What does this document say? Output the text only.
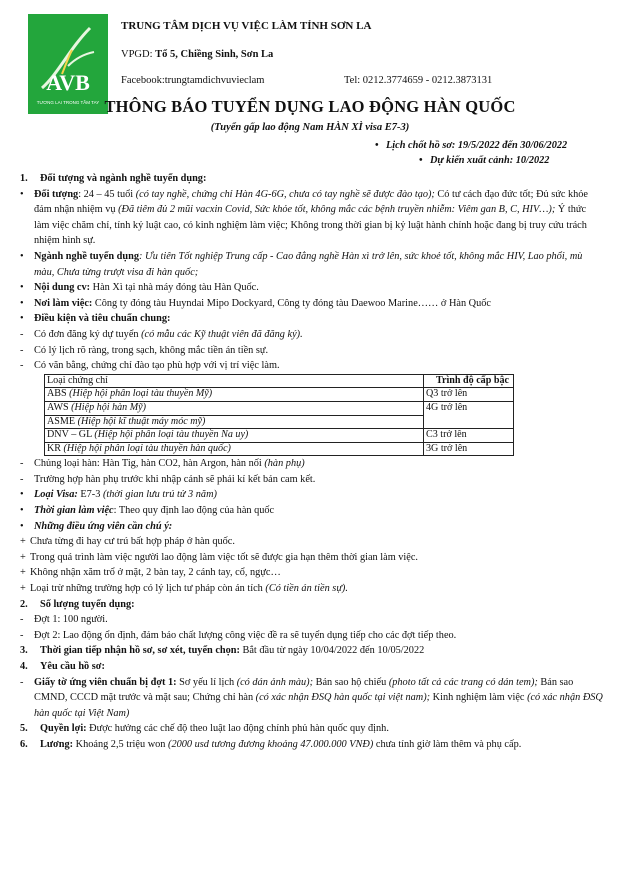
AVB
TƯƠNG LAI TRONG TẦM TAY
TRUNG TÂM DỊCH VỤ VIỆC LÀM TỈNH SƠN LA
VPGD: Tổ 5, Chiềng Sinh, Sơn La
Facebook:trungtamdichvuvieclam	Tel: 0212.3774659 - 0212.3873131
THÔNG BÁO TUYỂN DỤNG LAO ĐỘNG HÀN QUỐC
(Tuyển gấp lao động Nam HÀN XÌ visa E7-3)
• Lịch chốt hồ sơ: 19/5/2022 đến 30/06/2022
• Dự kiến xuất cảnh: 10/2022
1.	Đối tượng và ngành nghề tuyển dụng:
•	Đối tượng: 24 – 45 tuổi (có tay nghề, chứng chỉ Hàn 4G-6G, chưa có tay nghề sẽ được đào tạo); Có tư cách đạo đức tốt; Đủ sức khỏe đảm nhận nhiệm vụ (Đã tiêm đủ 2 mũi vacxin Covid, Sức khỏe tốt, không mắc các bệnh truyền nhiễm: Viêm gan B, C, HIV…); Ý thức làm việc chăm chỉ, tính kỷ luật cao, có kinh nghiệm làm việc; Không trong thời gian bị kỷ luật hành chính hoặc đang bị truy cứu trách nhiệm hình sự.
•	Ngành nghề tuyển dụng: Ưu tiên Tốt nghiệp Trung cấp - Cao đẳng nghề Hàn xì trở lên, sức khoẻ tốt, không mắc HIV, Lao phổi, mù màu, Chưa từng trượt visa đi hàn quốc;
•	Nội dung cv: Hàn Xì tại nhà máy đóng tàu Hàn Quốc.
•	Nơi làm việc: Công ty đóng tàu Huyndai Mipo Dockyard, Công ty đóng tàu Daewoo Marine…… ở Hàn Quốc
•	Điều kiện và tiêu chuẩn chung:
-	Có đơn đăng ký dự tuyển (có mẫu các Kỹ thuật viên đã đăng ký).
-	Có lý lịch rõ ràng, trong sạch, không mắc tiền án tiền sự.
-	Có văn bằng, chứng chỉ đào tạo phù hợp với vị trí việc làm.
Loại chứng chỉ	Trình độ cấp bậc
ABS (Hiệp hội phân loại tàu thuyền Mỹ)	Q3 trở lên
AWS (Hiệp hội hàn Mỹ)	4G trở lên
ASME (Hiệp hội kĩ thuật máy móc mỹ)	
DNV – GL (Hiệp hội phân loại tàu thuyền Na uy)	C3 trở lên
KR (Hiệp hội phân loại tàu thuyền hàn quốc)	3G trở lên
-	Chủng loại hàn: Hàn Tig, hàn CO2, hàn Argon, hàn nối (hàn phụ)
-	Trường hợp hàn phụ trước khi nhập cảnh sẽ phải kí kết bản cam kết.
•	Loại Visa: E7-3 (thời gian lưu trú tử 3 năm)
•	Thời gian làm việc: Theo quy định lao động của hàn quốc
•	Những điều ứng viên cần chú ý:
+ Chưa từng đi hay cư trú bất hợp pháp ở hàn quốc.
+ Trong quá trình làm việc người lao động làm việc tốt sẽ được gia hạn thêm thời gian làm việc.
+ Không nhận xăm trổ ở mặt, 2 bàn tay, 2 cánh tay, cổ, ngực…
+ Loại trừ những trường hợp có lý lịch tư pháp còn án tích (Có tiền án tiền sự).
2.	Số lượng tuyển dụng:
-	Đợt 1: 100 người.
-	Đợt 2: Lao động ổn định, đảm bảo chất lượng công việc đề ra sẽ tuyển dụng tiếp cho các đợt tiếp theo.
3.	Thời gian tiếp nhận hồ sơ, sơ xét, tuyển chọn: Bắt đầu từ ngày 10/04/2022 đến 10/05/2022
4.	Yêu cầu hồ sơ:
-	Giấy tờ ứng viên chuẩn bị đợt 1: Sơ yếu lí lịch (có dán ảnh màu); Bản sao hộ chiếu (photo tất cả các trang có dán tem); Bản sao CMND, CCCD mặt trước và mặt sau; Chứng chỉ hàn (có xác nhận ĐSQ hàn quốc tại việt nam); Kinh nghiệm làm việc (có xác nhận ĐSQ hàn quốc tại Việt Nam)
5.	Quyền lợi: Được hưởng các chế độ theo luật lao động chính phủ hàn quốc quy định.
6.	Lương: Khoảng 2,5 triệu won (2000 usd tương đương khoảng 47.000.000 VNĐ) chưa tính giờ làm thêm và phụ cấp.
